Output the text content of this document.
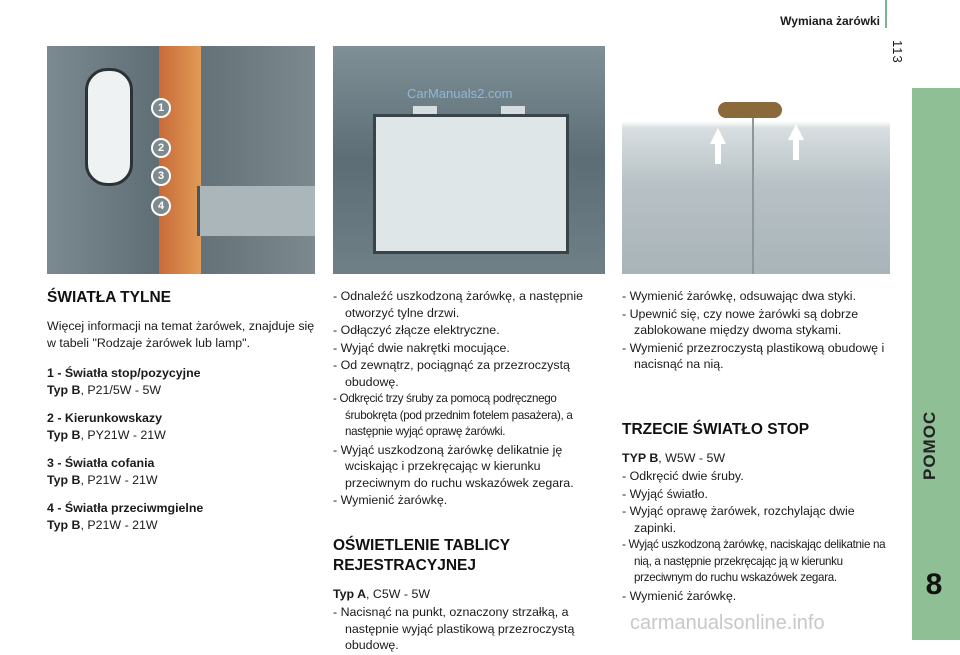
Wymiana żarówki
113
POMOC
8
1
2
3
4
CarManuals2.com
ŚWIATŁA TYLNE
Więcej informacji na temat żarówek, znajduje się w tabeli "Rodzaje żarówek lub lamp".
1 - Światła stop/pozycyjne
Typ B, P21/5W - 5W
2 - Kierunkowskazy
Typ B, PY21W - 21W
3 - Światła cofania
Typ B, P21W - 21W
4 - Światła przeciwmgielne
Typ B, P21W - 21W
- Odnaleźć uszkodzoną żarówkę, a następnie otworzyć tylne drzwi.
- Odłączyć złącze elektryczne.
- Wyjąć dwie nakrętki mocujące.
- Od zewnątrz, pociągnąć za przezroczystą obudowę.
- Odkręcić trzy śruby za pomocą podręcznego śrubokręta (pod przednim fotelem pasażera), a następnie wyjąć oprawę żarówki.
- Wyjąć uszkodzoną żarówkę delikatnie ję wciskając i przekręcając w kierunku przeciwnym do ruchu wskazówek zegara.
- Wymienić żarówkę.
OŚWIETLENIE TABLICY REJESTRACYJNEJ
Typ A, C5W - 5W
- Nacisnąć na punkt, oznaczony strzałką, a następnie wyjąć plastikową przezroczystą obudowę.
- Wymienić żarówkę, odsuwając dwa styki.
- Upewnić się, czy nowe żarówki są dobrze zablokowane między dwoma stykami.
- Wymienić przezroczystą plastikową obudowę i nacisnąć na nią.
TRZECIE ŚWIATŁO STOP
TYP B, W5W - 5W
- Odkręcić dwie śruby.
- Wyjąć światło.
- Wyjąć oprawę żarówek, rozchylając dwie zapinki.
- Wyjąć uszkodzoną żarówkę, naciskając delikatnie na nią, a następnie przekręcając ją w kierunku przeciwnym do ruchu wskazówek zegara.
- Wymienić żarówkę.
carmanualsonline.info
